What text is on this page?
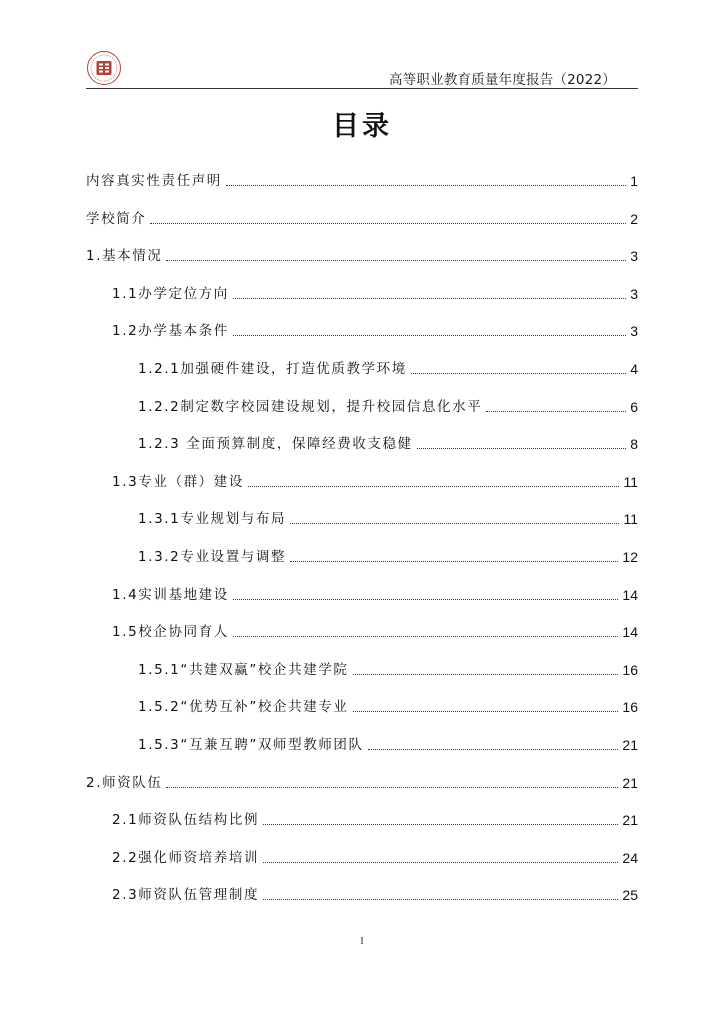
高等职业教育质量年度报告（2022）
目录
内容真实性责任声明	1
学校简介	2
1.基本情况	3
1.1办学定位方向	3
1.2办学基本条件	3
1.2.1加强硬件建设，打造优质教学环境	4
1.2.2制定数字校园建设规划，提升校园信息化水平	6
1.2.3 全面预算制度，保障经费收支稳健	8
1.3专业（群）建设	11
1.3.1专业规划与布局	11
1.3.2专业设置与调整	12
1.4实训基地建设	14
1.5校企协同育人	14
1.5.1“共建双赢”校企共建学院	16
1.5.2“优势互补”校企共建专业	16
1.5.3“互兼互聘”双师型教师团队	21
2.师资队伍	21
2.1师资队伍结构比例	21
2.2强化师资培养培训	24
2.3师资队伍管理制度	25
I
